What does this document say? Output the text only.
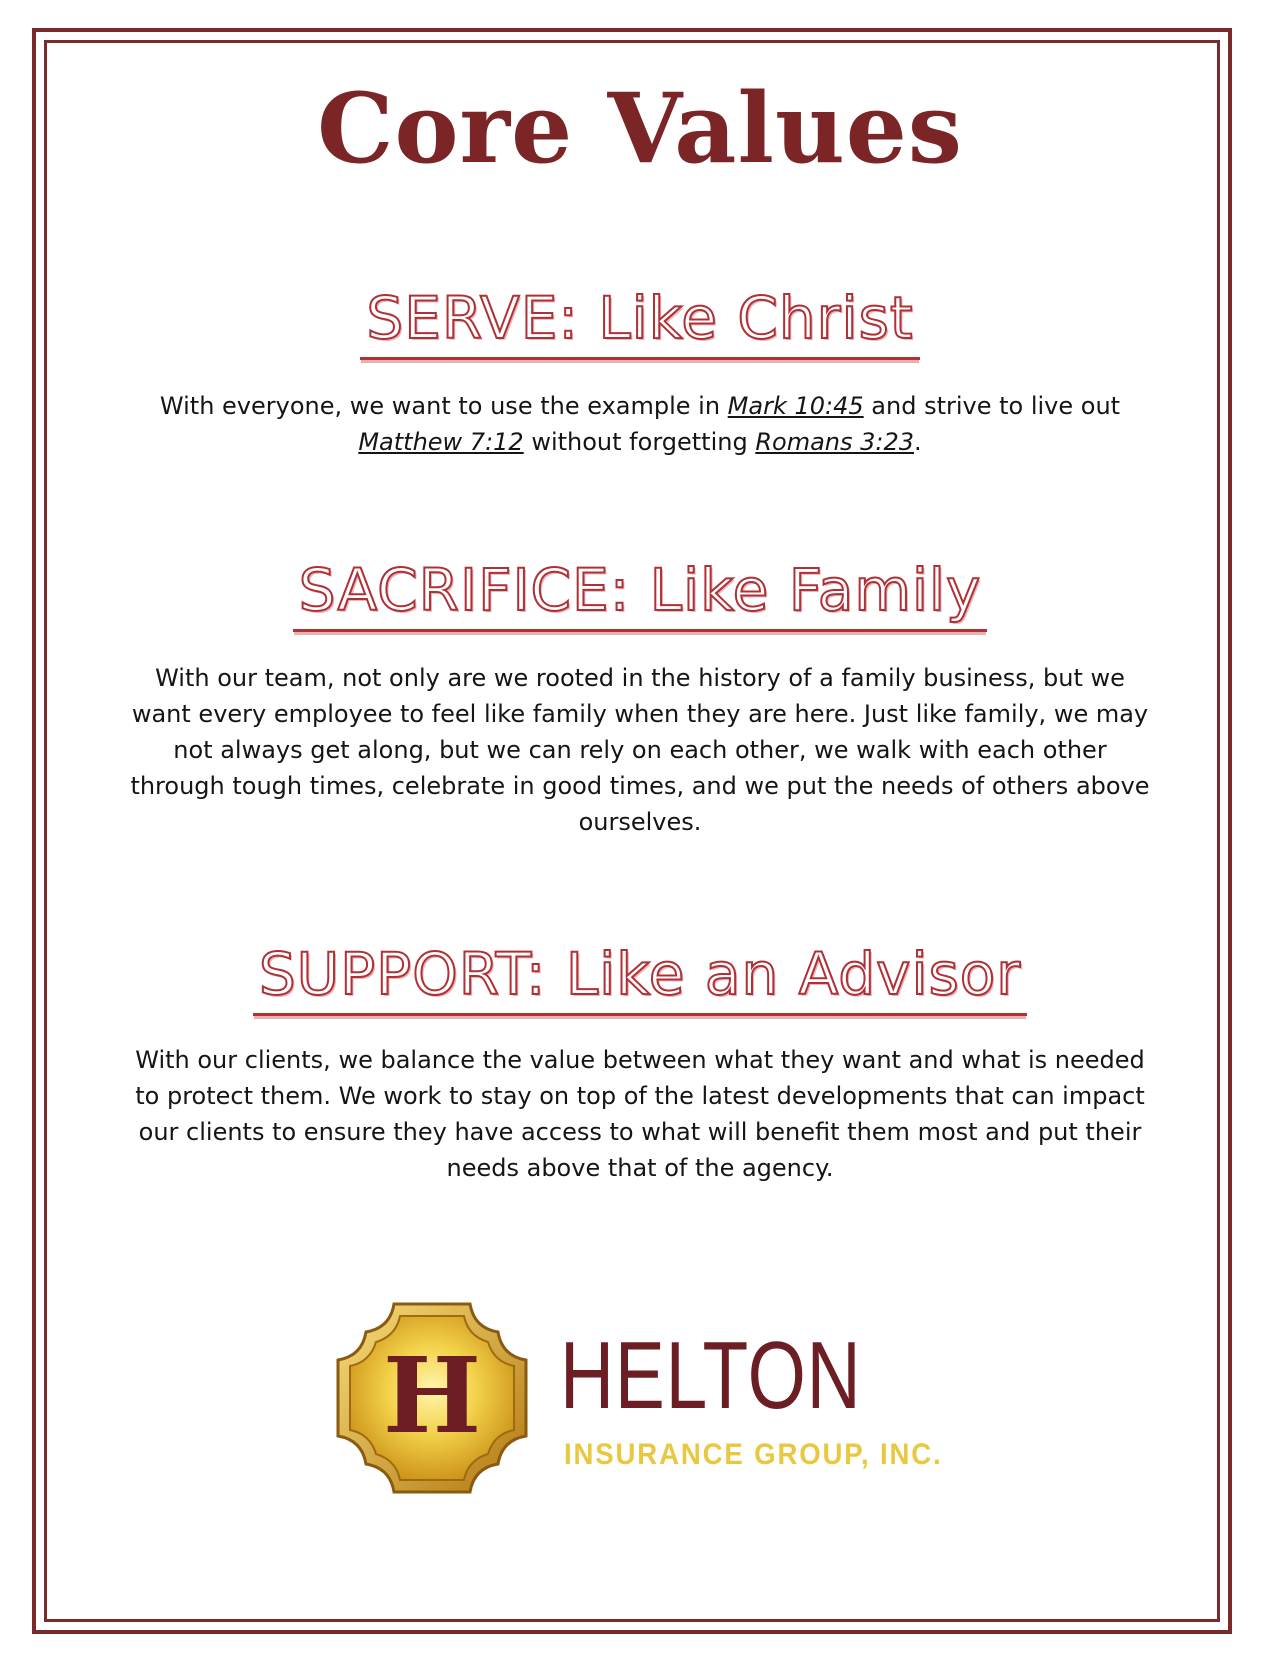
Core Values
SERVE: Like Christ

With everyone, we want to use the example in Mark 10:45 and strive to live out
Matthew 7:12 without forgetting Romans 3:23.

SACRIFICE: Like Family

With our team, not only are we rooted in the history of a family business, but we want every employee to feel like family when they are here. Just like family, we may not always get along, but we can rely on each other, we walk with each other through tough times, celebrate in good times, and we put the needs of others above ourselves.

SUPPORT: Like an Advisor

With our clients, we balance the value between what they want and what is needed to protect them. We work to stay on top of the latest developments that can impact our clients to ensure they have access to what will benefit them most and put their needs above that of the agency.

H HELTON
INSURANCE GROUP, INC.
